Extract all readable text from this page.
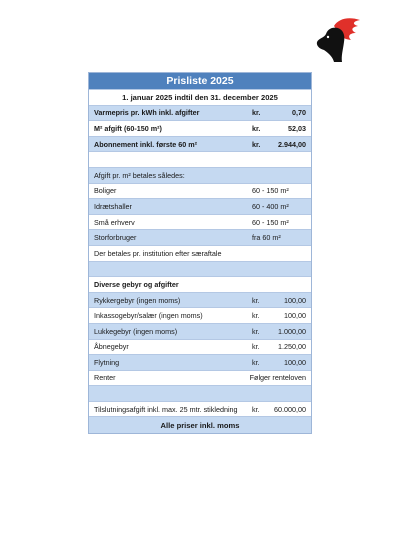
Prisliste 2025
1. januar 2025 indtil den 31. december 2025
Varmepris pr. kWh inkl. afgifter	kr.	0,70
M² afgift (60-150 m²)	kr.	52,03
Abonnement inkl. første 60 m²	kr. 2.944,00
Afgift pr. m² betales således:
Boliger	60 - 150 m²
Idrætshaller	60 - 400 m²
Små erhverv	60 - 150 m²
Storforbruger	fra 60 m²
Der betales pr. institution efter særaftale
Diverse gebyr og afgifter
Rykkergebyr (ingen moms)	kr.	100,00
Inkassogebyr/salær (ingen moms)	kr.	100,00
Lukkegebyr (ingen moms)	kr.	1.000,00
Åbnegebyr	kr.	1.250,00
Flytning	kr.	100,00
Renter	Følger renteloven
Tilslutningsafgift inkl. max. 25 mtr. stikledning kr. 60.000,00
Alle priser inkl. moms
